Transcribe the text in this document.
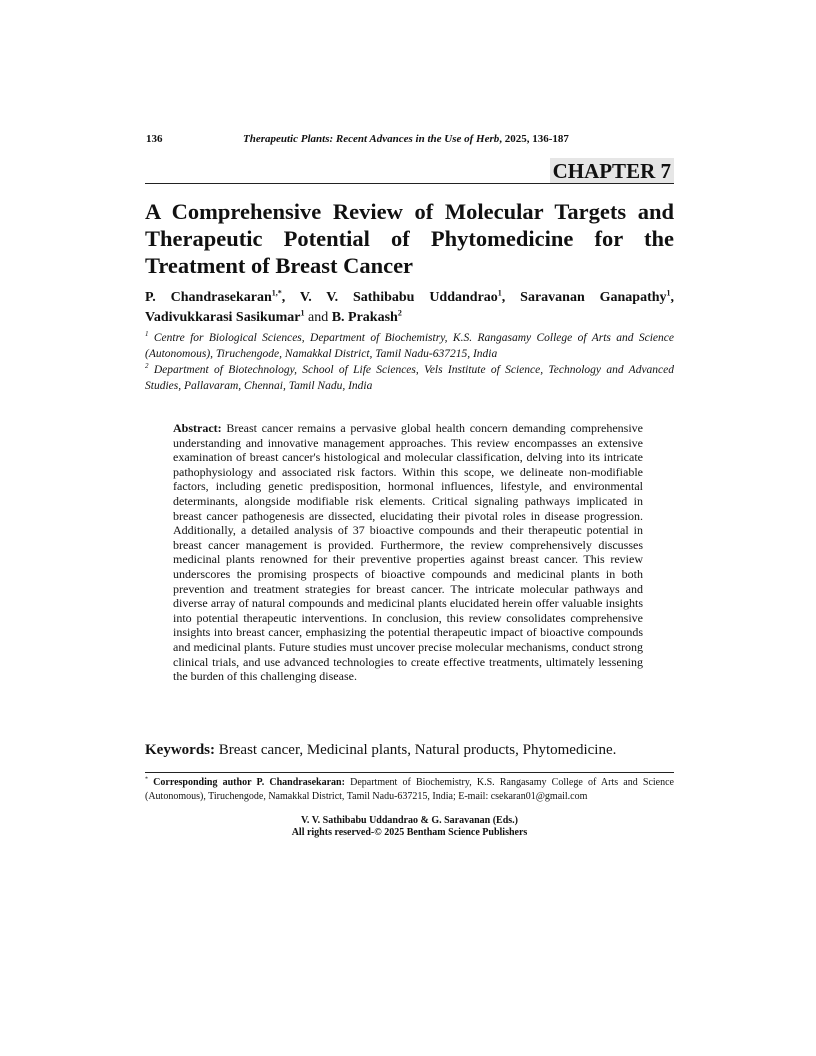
136	Therapeutic Plants: Recent Advances in the Use of Herb, 2025, 136-187
CHAPTER 7
A Comprehensive Review of Molecular Targets and Therapeutic Potential of Phytomedicine for the Treatment of Breast Cancer

P. Chandrasekaran$^{1,*}$, V. V. Sathibabu Uddandrao$^1$, Saravanan Ganapathy$^1$, Vadivukkarasi Sasikumar$^1$ and B. Prakash$^2$

$^1$ Centre for Biological Sciences, Department of Biochemistry, K.S. Rangasamy College of Arts and Science (Autonomous), Tiruchengode, Namakkal District, Tamil Nadu-637215, India

$^2$ Department of Biotechnology, School of Life Sciences, Vels Institute of Science, Technology and Advanced Studies, Pallavaram, Chennai, Tamil Nadu, India

Abstract: Breast cancer remains a pervasive global health concern demanding comprehensive understanding and innovative management approaches. This review encompasses an extensive examination of breast cancer's histological and molecular classification, delving into its intricate pathophysiology and associated risk factors. Within this scope, we delineate non-modifiable factors, including genetic predisposition, hormonal influences, lifestyle, and environmental determinants, alongside modifiable risk elements. Critical signaling pathways implicated in breast cancer pathogenesis are dissected, elucidating their pivotal roles in disease progression. Additionally, a detailed analysis of 37 bioactive compounds and their therapeutic potential in breast cancer management is provided. Furthermore, the review comprehensively discusses medicinal plants renowned for their preventive properties against breast cancer. This review underscores the promising prospects of bioactive compounds and medicinal plants in both prevention and treatment strategies for breast cancer. The intricate molecular pathways and diverse array of natural compounds and medicinal plants elucidated herein offer valuable insights into potential therapeutic interventions. In conclusion, this review consolidates comprehensive insights into breast cancer, emphasizing the potential therapeutic impact of bioactive compounds and medicinal plants. Future studies must uncover precise molecular mechanisms, conduct strong clinical trials, and use advanced technologies to create effective treatments, ultimately lessening the burden of this challenging disease.

Keywords: Breast cancer, Medicinal plants, Natural products, Phytomedicine.

* Corresponding author P. Chandrasekaran: Department of Biochemistry, K.S. Rangasamy College of Arts and Science (Autonomous), Tiruchengode, Namakkal District, Tamil Nadu-637215, India; E-mail: csekaran01@gmail.com

V. V. Sathibabu Uddandrao & G. Saravanan (Eds.)
All rights reserved-© 2025 Bentham Science Publishers
